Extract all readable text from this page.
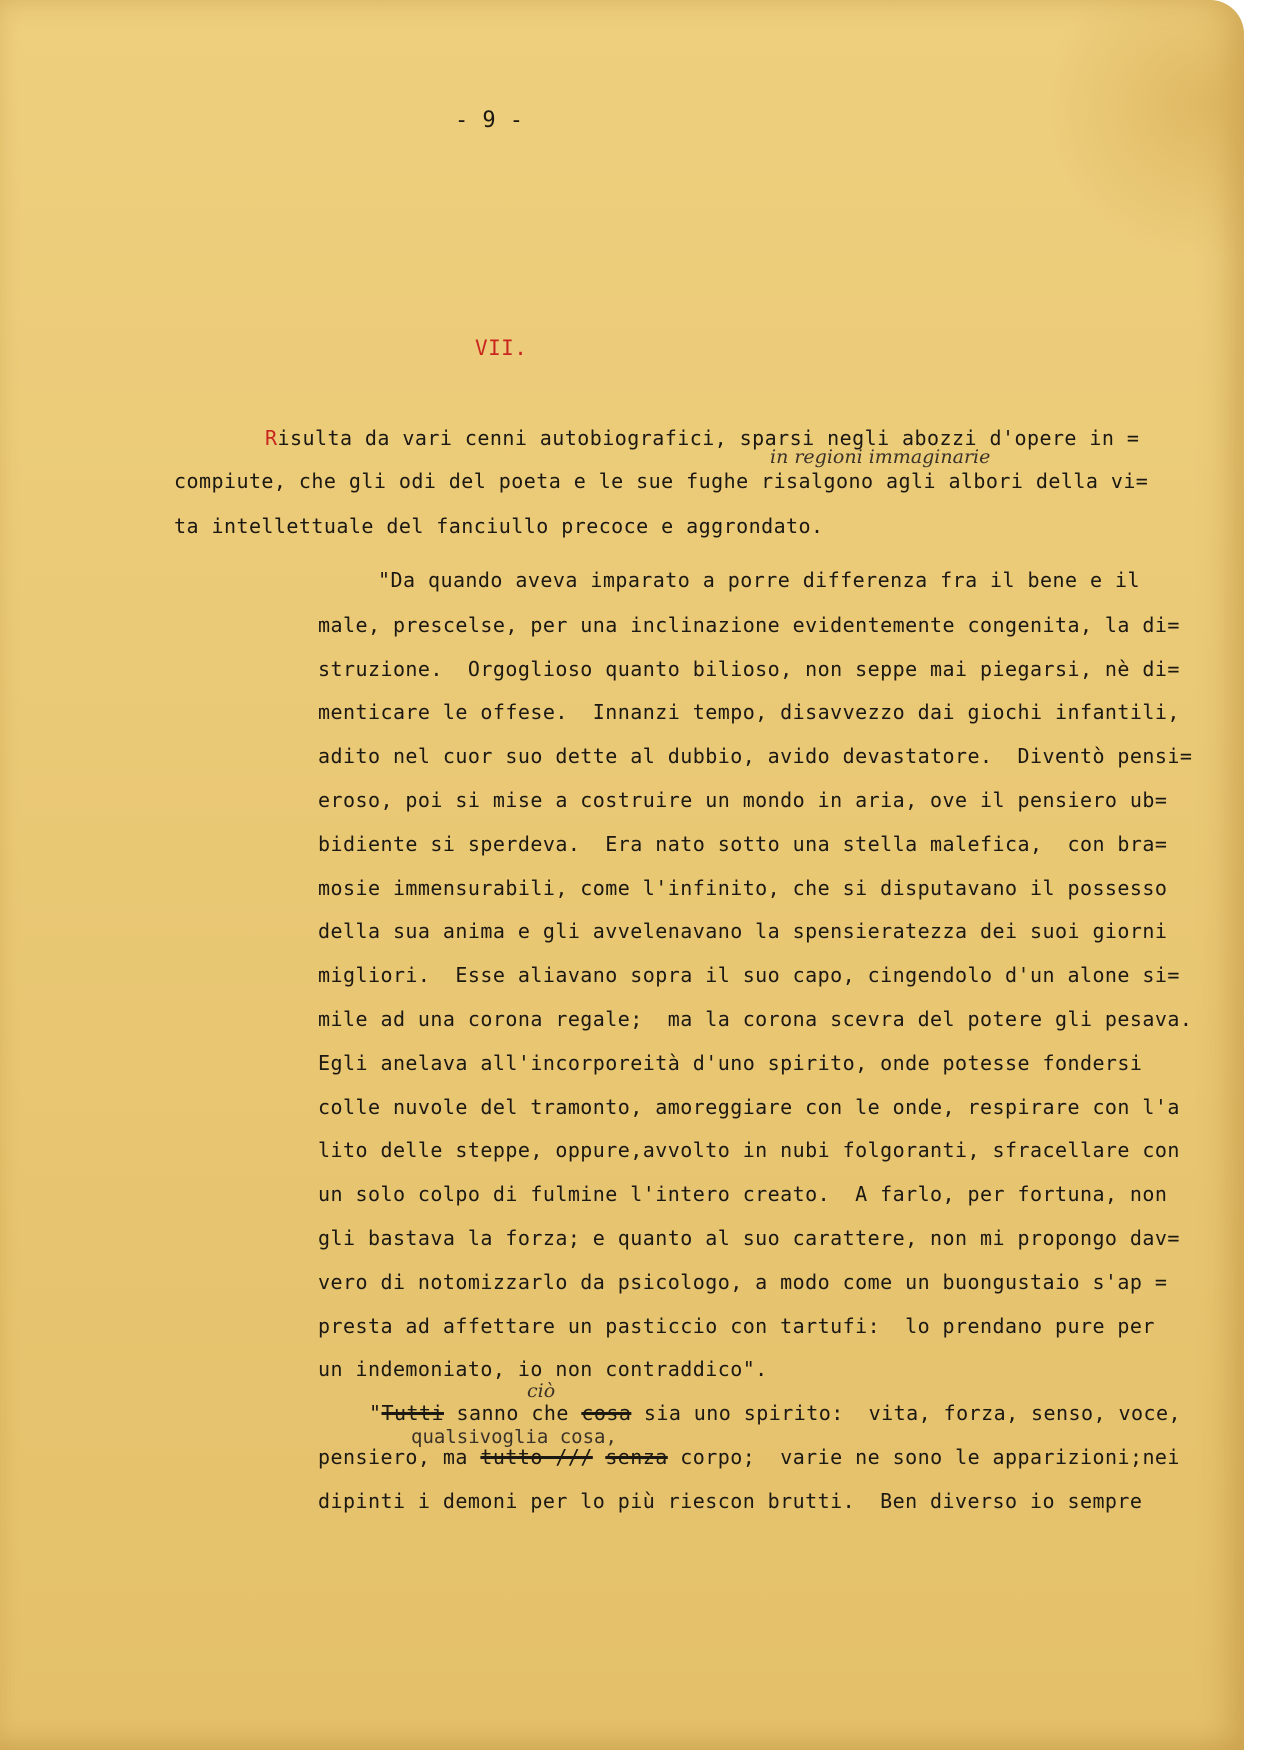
- 9 -
VII.
Risulta da vari cenni autobiografici, sparsi negli abozzi d'opere in =
in regioni immaginarie
compiute, che gli odi del poeta e le sue fughe risalgono agli albori della vi=
ta intellettuale del fanciullo precoce e aggrondato.
"Da quando aveva imparato a porre differenza fra il bene e il
male, prescelse, per una inclinazione evidentemente congenita, la di=
struzione.  Orgoglioso quanto bilioso, non seppe mai piegarsi, nè di=
menticare le offese.  Innanzi tempo, disavvezzo dai giochi infantili,
adito nel cuor suo dette al dubbio, avido devastatore.  Diventò pensi=
eroso, poi si mise a costruire un mondo in aria, ove il pensiero ub=
bidiente si sperdeva.  Era nato sotto una stella malefica,  con bra=
mosie immensurabili, come l'infinito, che si disputavano il possesso
della sua anima e gli avvelenavano la spensieratezza dei suoi giorni
migliori.  Esse aliavano sopra il suo capo, cingendolo d'un alone si=
mile ad una corona regale;  ma la corona scevra del potere gli pesava.
Egli anelava all'incorporeità d'uno spirito, onde potesse fondersi
colle nuvole del tramonto, amoreggiare con le onde, respirare con l'a
lito delle steppe, oppure,avvolto in nubi folgoranti, sfracellare con
un solo colpo di fulmine l'intero creato.  A farlo, per fortuna, non
gli bastava la forza; e quanto al suo carattere, non mi propongo dav=
vero di notomizzarlo da psicologo, a modo come un buongustaio s'ap =
presta ad affettare un pasticcio con tartufi:  lo prendano pure per
un indemoniato, io non contraddico".
ciò
"Tutti sanno che cosa sia uno spirito:  vita, forza, senso, voce,
qualsivoglia cosa,
pensiero, ma tutto /// senza corpo;  varie ne sono le apparizioni;nei
dipinti i demoni per lo più riescon brutti.  Ben diverso io sempre
